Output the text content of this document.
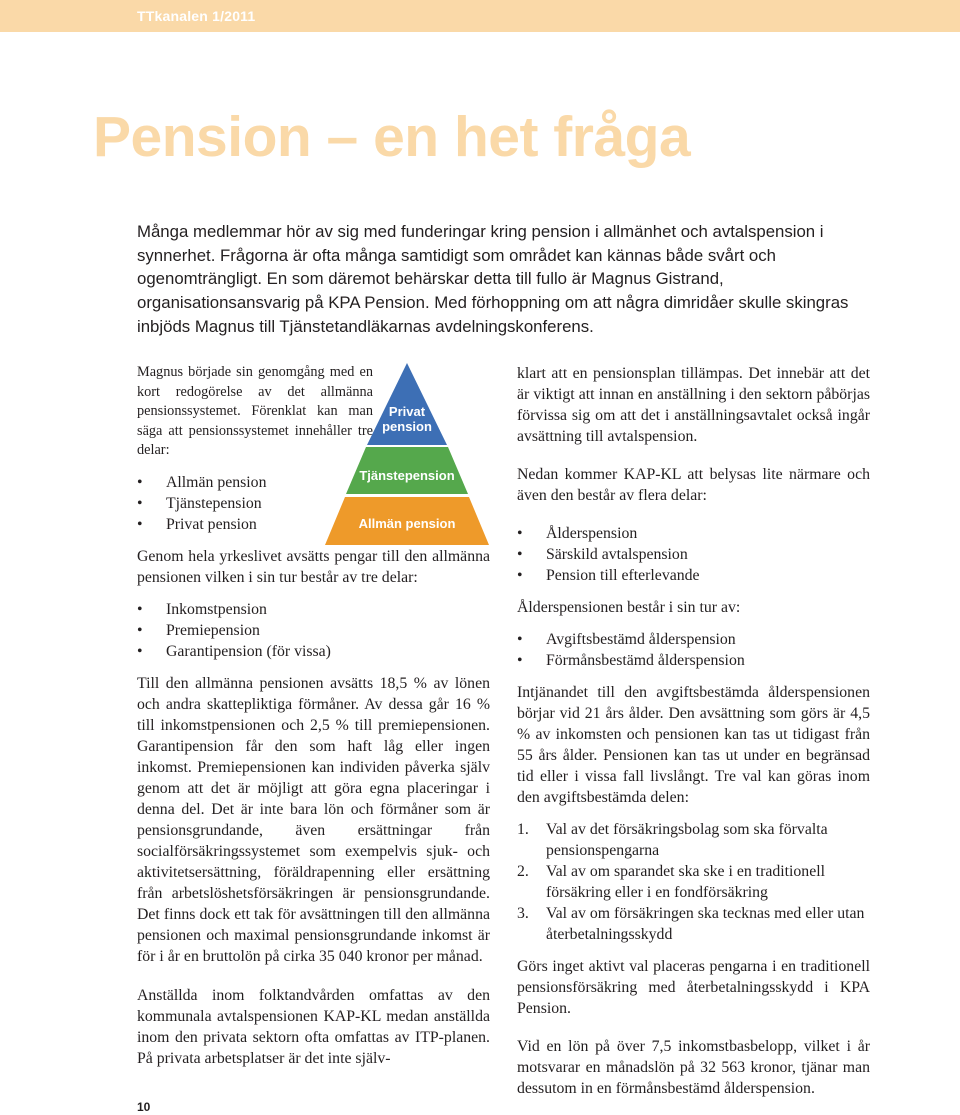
TTkanalen 1/2011
Pension – en het fråga

Många medlemmar hör av sig med funderingar kring pension i allmänhet och avtalspension i synnerhet. Frågorna är ofta många samtidigt som området kan kännas både svårt och ogenomträngligt. En som däremot behärskar detta till fullo är Magnus Gistrand, organisationsansvarig på KPA Pension. Med förhoppning om att några dimridåer skulle skingras inbjöds Magnus till Tjänstetandläkarnas avdelningskonferens.

Privat
pension
Tjänstepension
Allmän pension

Magnus började sin genomgång med en kort redogörelse av det allmänna pensionssystemet. Förenklat kan man säga att pensionssystemet innehåller tre delar:

• Allmän pension
• Tjänstepension
• Privat pension

Genom hela yrkeslivet avsätts pengar till den allmänna pensionen vilken i sin tur består av tre delar:

• Inkomstpension
• Premiepension
• Garantipension (för vissa)

Till den allmänna pensionen avsätts 18,5 % av lönen och andra skattepliktiga förmåner. Av dessa går 16 % till inkomstpensionen och 2,5 % till premiepensionen. Garantipension får den som haft låg eller ingen inkomst. Premiepensionen kan individen påverka själv genom att det är möjligt att göra egna placeringar i denna del. Det är inte bara lön och förmåner som är pensionsgrundande, även ersättningar från socialförsäkringssystemet som exempelvis sjuk- och aktivitetsersättning, föräldrapenning eller ersättning från arbetslöshetsförsäkringen är pensionsgrundande. Det finns dock ett tak för avsättningen till den allmänna pensionen och maximal pensionsgrundande inkomst är för i år en bruttolön på cirka 35 040 kronor per månad.

Anställda inom folktandvården omfattas av den kommunala avtalspensionen KAP-KL medan anställda inom den privata sektorn ofta omfattas av ITP-planen. På privata arbetsplatser är det inte själv-

klart att en pensionsplan tillämpas. Det innebär att det är viktigt att innan en anställning i den sektorn påbörjas förvissa sig om att det i anställningsavtalet också ingår avsättning till avtalspension.

Nedan kommer KAP-KL att belysas lite närmare och även den består av flera delar:

• Ålderspension
• Särskild avtalspension
• Pension till efterlevande

Ålderspensionen består i sin tur av:

• Avgiftsbestämd ålderspension
• Förmånsbestämd ålderspension

Intjänandet till den avgiftsbestämda ålderspensionen börjar vid 21 års ålder. Den avsättning som görs är 4,5 % av inkomsten och pensionen kan tas ut tidigast från 55 års ålder. Pensionen kan tas ut under en begränsad tid eller i vissa fall livslångt. Tre val kan göras inom den avgiftsbestämda delen:

1. Val av det försäkringsbolag som ska förvalta pensionspengarna
2. Val av om sparandet ska ske i en traditionell försäkring eller i en fondförsäkring
3. Val av om försäkringen ska tecknas med eller utan återbetalningsskydd

Görs inget aktivt val placeras pengarna i en traditionell pensionsförsäkring med återbetalningsskydd i KPA Pension.

Vid en lön på över 7,5 inkomstbasbelopp, vilket i år motsvarar en månadslön på 32 563 kronor, tjänar man dessutom in en förmånsbestämd ålderspension.

10
